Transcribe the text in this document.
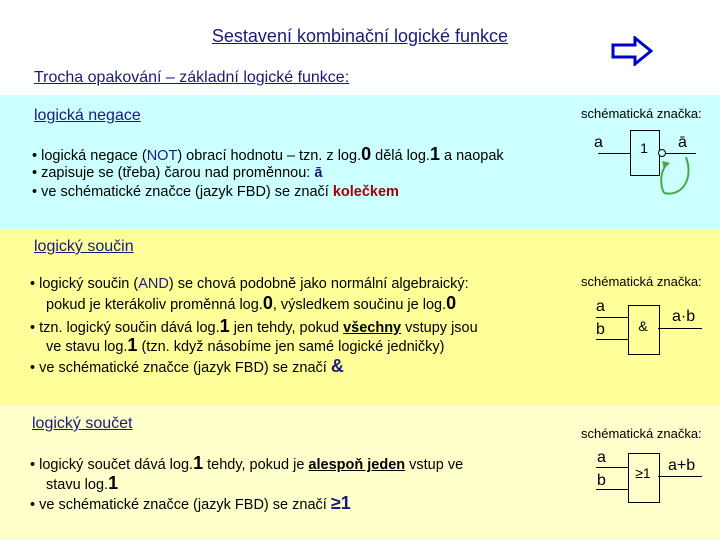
Sestavení kombinační logické funkce
Trocha opakování – základní logické funkce:
logická negace	schématická značka:
• logická negace (NOT) obrací hodnotu – tzn. z log.0 dělá log.1 a naopak
• zapisuje se (třeba) čarou nad proměnnou: ā
• ve schématické značce (jazyk FBD) se značí kolečkem
a	1	ā
logický součin
schématická značka:
• logický součin (AND) se chová podobně jako normální algebraický:
pokud je kterákoliv proměnná log.0, výsledkem součinu je log.0
• tzn. logický součin dává log.1 jen tehdy, pokud všechny vstupy jsou
ve stavu log.1 (tzn. když násobíme jen samé logické jedničky)
• ve schématické značce (jazyk FBD) se značí &
a
b	&
a·b
logický součet
schématická značka:
• logický součet dává log.1 tehdy, pokud je alespoň jeden vstup ve
stavu log.1
• ve schématické značce (jazyk FBD) se značí ≥1
a
b	≥1	a+b
